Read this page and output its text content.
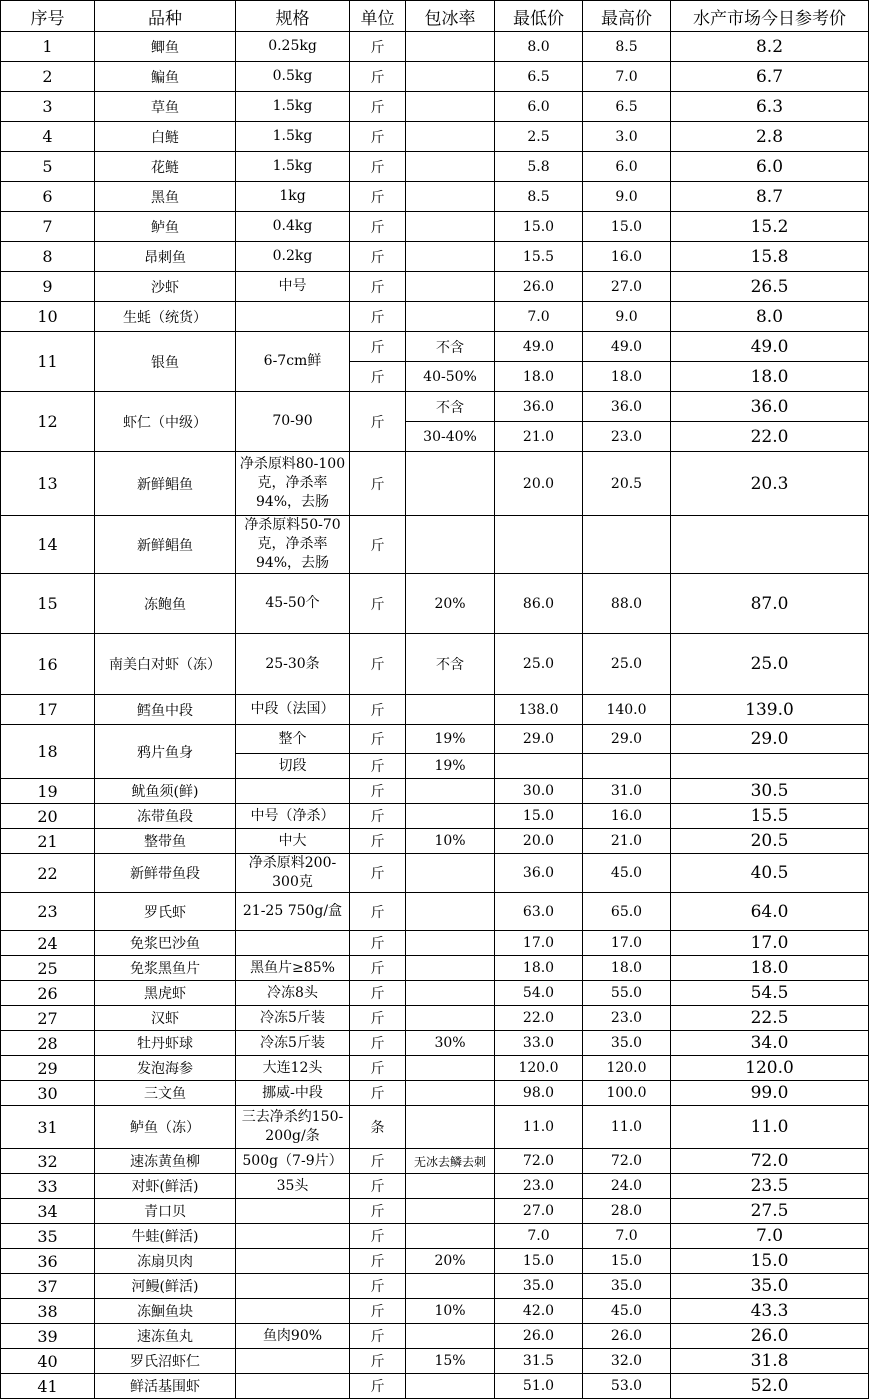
序号	品种	规格	单位	包冰率	最低价	最高价	水产市场今日参考价
1	鲫鱼	0.25kg	斤		8.0	8.5	8.2
2	鳊鱼	0.5kg	斤		6.5	7.0	6.7
3	草鱼	1.5kg	斤		6.0	6.5	6.3
4	白鲢	1.5kg	斤		2.5	3.0	2.8
5	花鲢	1.5kg	斤		5.8	6.0	6.0
6	黑鱼	1kg	斤		8.5	9.0	8.7
7	鲈鱼	0.4kg	斤		15.0	15.0	15.2
8	昂刺鱼	0.2kg	斤		15.5	16.0	15.8
9	沙虾	中号	斤		26.0	27.0	26.5
10	生蚝（统货）		斤		7.0	9.0	8.0
11	银鱼	6-7cm鲜	斤	不含	49.0	49.0	49.0
			斤	40-50%	18.0	18.0	18.0
12	虾仁（中级）	70-90	斤	不含	36.0	36.0	36.0
				30-40%	21.0	23.0	22.0
13	新鲜鲳鱼	净杀原料80-100克，净杀率94%，去肠	斤		20.0	20.5	20.3
14	新鲜鲳鱼	净杀原料50-70克，净杀率94%，去肠	斤				
15	冻鲍鱼	45-50个	斤	20%	86.0	88.0	87.0
16	南美白对虾（冻）	25-30条	斤	不含	25.0	25.0	25.0
17	鳕鱼中段	中段（法国）	斤		138.0	140.0	139.0
18	鸦片鱼身	整个	斤	19%	29.0	29.0	29.0
		切段	斤	19%			
19	鱿鱼须(鲜)		斤		30.0	31.0	30.5
20	冻带鱼段	中号（净杀）	斤		15.0	16.0	15.5
21	整带鱼	中大	斤	10%	20.0	21.0	20.5
22	新鲜带鱼段	净杀原料200-300克	斤		36.0	45.0	40.5
23	罗氏虾	21-25 750g/盒	斤		63.0	65.0	64.0
24	免浆巴沙鱼		斤		17.0	17.0	17.0
25	免浆黑鱼片	黑鱼片≥85%	斤		18.0	18.0	18.0
26	黑虎虾	冷冻8头	斤		54.0	55.0	54.5
27	汉虾	冷冻5斤装	斤		22.0	23.0	22.5
28	牡丹虾球	冷冻5斤装	斤	30%	33.0	35.0	34.0
29	发泡海参	大连12头	斤		120.0	120.0	120.0
30	三文鱼	挪威-中段	斤		98.0	100.0	99.0
31	鲈鱼（冻）	三去净杀约150-200g/条	条		11.0	11.0	11.0
32	速冻黄鱼柳	500g（7-9片）	斤	无冰去鳞去刺	72.0	72.0	72.0
33	对虾(鲜活)	35头	斤		23.0	24.0	23.5
34	青口贝		斤		27.0	28.0	27.5
35	牛蛙(鲜活)		斤		7.0	7.0	7.0
36	冻扇贝肉		斤	20%	15.0	15.0	15.0
37	河鳗(鲜活)		斤		35.0	35.0	35.0
38	冻鮰鱼块		斤	10%	42.0	45.0	43.3
39	速冻鱼丸	鱼肉90%	斤		26.0	26.0	26.0
40	罗氏沼虾仁		斤	15%	31.5	32.0	31.8
41	鲜活基围虾		斤		51.0	53.0	52.0
